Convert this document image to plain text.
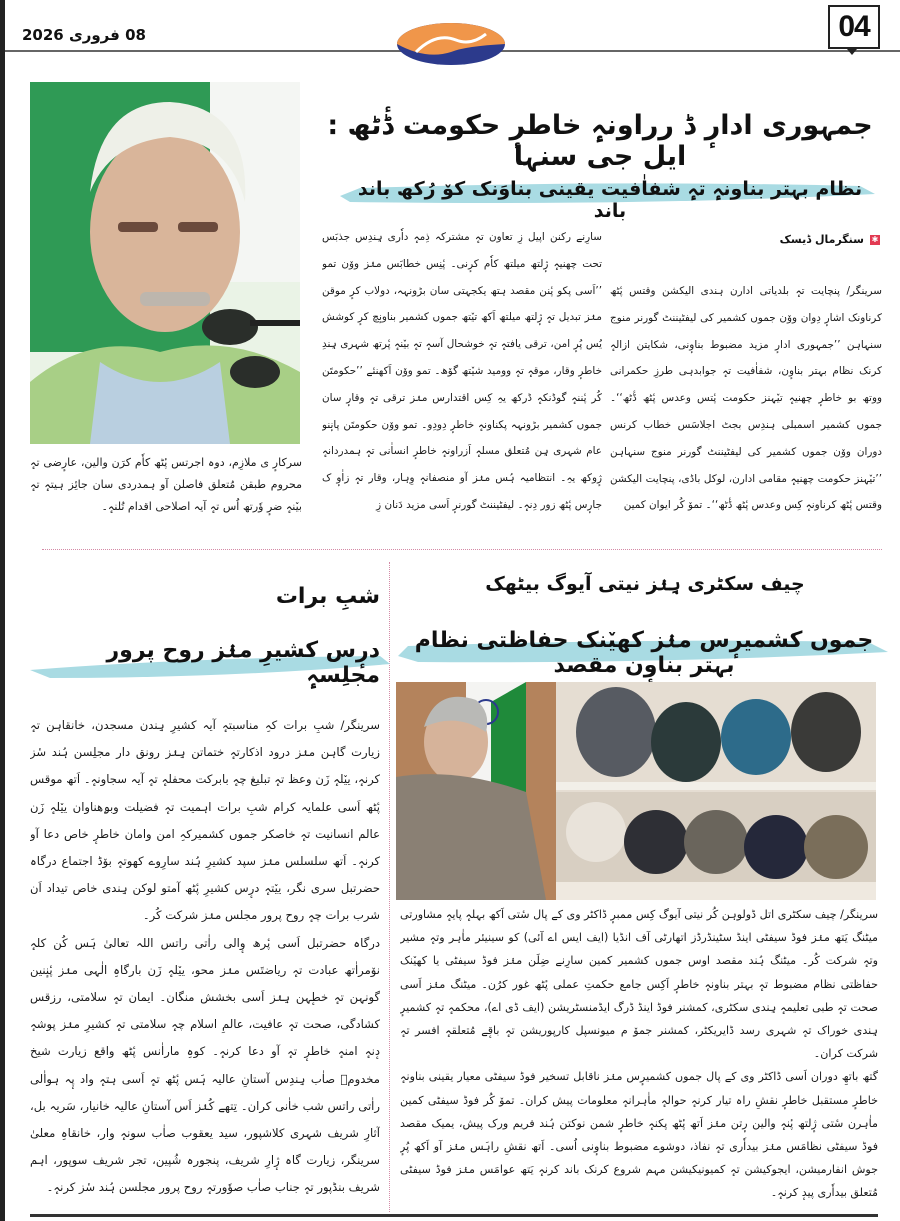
08 فروری 2026	04
سرکارٕ ی ملازِم، دوہ اجرتس پٔٹھ کاٗم کرَن والین، عارٕضی تہٕ محروم طبقن مُتعلق فاصلن آو ہمدردی سان جائِز ہیتہٕ تہٕ بیٚنہٕ ضرٕ وٗرتھ اُس تہٕ آیہ اصلاحی اقدام تُلنہٕ۔
جمہوری ادارٕ ڈ رراونہٕ خاطرٕ حکومت ڈٔٹھ : ایل جی سنہا
نظام بہتر بناونہٕ تہٕ شفاٰفیت یقینی بناوَنک کوٚ رُکھ باند باند
✱
سنگرمال ڈیسک
سرینگر/ پنچایت تہٕ بلدیاتی ادارن ہندی الیکشن وقتس پٔٹھ کرناونک اشارٕ دِوان ووٚن جموں کشمیر کی لیفٹیننٹ گورنر منوج سنہاہن ’’جمہوری ادارٕ مزید مضبوط بناوٕنی، شکایتن ازالہٕ کرنک نظام بہتر بناوٕن، شفاٰفیت تہٕ جوابدہی طرزِ حکمرانی ووتھ بو خاطرٕ چھنیہٕ تیٚہنز حکومت پٔتس وعدس پٔٹھ ڈٔٹھ‘‘۔ جموں کشمیر اسمبلی ہندِس بجٹ اجلاسَس خطاب کرنس دوران ووٚن جموں کشمیر کی لیفٹیننٹ گورنر منوج سنہاہن ’’تیٚہنز حکومت چھنیہٕ مقامی ادارن، لوکل باڈی، پنچایت الیکشن وقتس پٔٹھ کرناونہٕ کِس وعدس پٔٹھ ڈٔٹھ‘‘۔ تموٚ کُر ایوان کمین
سارِنے رکنن اپیل زِ تعاون تہٕ مشترکہ ذِمہٕ داٗری ہِندِس جذبَس تحت چھنیہٕ ژٕلتھ میلتھ کاٗم کرٕنی۔ پٔنِس خطابَس منٛز ووٚن تمو ’’اَسی پکو پٔنن مقصد ہتھ یکجہتی سان بڑونہہ، دولاب کرٕ موقن منٛز تبدیل تہٕ ژٕلتھ میلتھ اَکھ تیٚتھ جموں کشمیر بناونٕچ کرٕ کوشش یُس پُرٕ امن، ترقی یافتہٕ تہٕ خوشحال آسہٕ تہٕ بیٚنہٕ پٔرتھ شہری ہِندِ خاطرٕ وقار، موقہٕ تہٕ وومید شیٚتھ گوٚھ۔ تمو ووٚن اَکھنئے ’’حکومتَن کُر پٔننہٕ گوڈنکہٕ ڈرکھ یہِ کِس اقتدارس منٛز ترقی تہٕ وقارٕ سان جموں کشمیر بڑونہہ پکناونہٕ خاطرٕ دِودِو۔ تمو ووٚن حکومتَن پانٕنو عام شہری ہِن مُتعلق مسلہٕ اَزراونہٕ خاطرٕ انساٰنی تہٕ ہمدردانہٕ ژٕوکھ یہِ۔ انتظامیہ ہُس منٛز آو منصفانہٕ وِہار، وقار تہٕ زاٰوٕ ک جارٕس پٔٹھ زور دِنہٕ۔ لیفٹیننٹ گورنرٕ اَسی مزید دَنان زِ
چیف سکٹری ہِنٛز نیتی آیوگ بیٹھک
جموں کشمیرٕس منٛز کھیٚنک حفاظتی نظام بہتر بناوٕن مقصد
سرینگر/ چیف سکٹری اتل ڈولوہن کُر نیتی آیوگ کِس ممبرٕ ڈاکٹر وی کے پال سٔتی اَکھ بہلہٕ پایہٕ مشاورتی میٹنگ یَتھ منٛز فوڈ سیفٹی اینڈ سٹینڈرڈز اتھارٹی آف انڈیا (ایف ایس اے آئی) کو سینیئر ماٰہر وتہٕ مشیر وتہٕ شرکت کُر۔ میٹنگ ہُند مقصد اوس جموں کشمیر کمین سارِنے ضِلَن منٛز فوڈ سیفٹی یا کھیٚنک حفاظتی نظام مضبوط تہٕ بہتر بناونہٕ خاطرٕ اَکِس جامع حکمتِ عملی پٔٹھ غور کرُن۔ میٹنگ منٛز اَسی صحت تہٕ طبی تعلیمہٕ ہِندی سکٹری، کمشنر فوڈ اینڈ ڈرگ ایڈمنسٹریشن (ایف ڈی اے)، محکمہٕ تہٕ کشمیرٕ ہِندی خوراک تہٕ شہری رسد ڈایریکٹر، کمشنر جموٚ م میونسپل کارپوریشن تہٕ باقٕے مُتعلقہٕ افسر تہٕ شرکت کران۔
گتھ باتھِ دوران اَسی ڈاکٹر وی کے پال جموں کشمیرٕس منٛز ناقابل تسخیر فوڈ سیفٹی معیار یقینی بناونہٕ خاطرٕ مستقبل خاطرٕ نقشِ راہ تیار کرنہٕ حوالہٕ ماٰہرانہٕ معلومات پیش کران۔ تموٚ کُر فوڈ سیفٹی کمین ماٰہرن سٔتی ژٕلتھ پٔنہٕ والین رٕتن منٛز اَتھ پٔٹھ پکنہٕ خاطرٕ شمن نوکتن ہُند فریم ورک پیش، یمیک مقصد فوڈ سیفٹی نظامَس منٛز بیداٗری تہٕ نفاذ، دوشوے مضبوط بناوٕنی اُسی۔ اَتھ نقشِ راہَس منٛز آو اَکھ پُرٕ جوش انفارمیشن، ایجوکیشن تہٕ کمیونیکیشن مہم شروع کرنک باند کرنہٕ یَتھ عوامَس منٛز فوڈ سیفٹی مُتعلق بیداٗری پیدٕ کرنہٕ۔
شبِ برات
درٕس کشیرِ منٛز روح پرور مجلِسہٕ
سرینگر/ شبِ برات کہِ مناسبتہٕ آیہ کشیرِ ہِندن مسجدن، خانقاہن تہٕ زیارت گاہن منٛز درود اذکارتہٕ ختماتن ہِنٛز رونق دار مجلِسن ہُند سٔز کرنہٕ، ییٚلہٕ زَن وعظ تہٕ تبلیغ چہٕ بابرکت محفلہٕ تہٕ آیہ سجاونہٕ۔ اَتھ موقس پٔٹھ اَسی علمایہ کرام شبِ برات اہمیت تہٕ فضیلت وبۄھناوان ییٚلہٕ زَن عالم انسانیت تہٕ خاصکر جموں کشمیرکہِ امن وامان خاطرٕ خاص دعا آو کرنہٕ۔ اَتھ سلسلس منٛز سپد کشیرِ ہُند سارِوے کھوتہٕ بوٚڈ اجتماع درگاہ حضرتبل سری نگر، ییٚتہٕ درٕس کشیرِ پٔٹھ آمتو لوکن ہِندی خاص تیداد اَن شرب برات چہٕ روح پرور مجلس منٛز شرکت کُر۔
درگاہ حضرتبل اَسی پٔرھ وٕالی راٰتی راتس اللہ تعالیٰ ہَس کُن کلہٕ نوٚمراٰتھ عبادت تہٕ ریاضتَس منٛز محو، ییٚلہٕ زَن بارگاہِ الٰہی منٛز پٔنٕنین گونہن تہٕ خطٕہن ہِنٛز اَسی بخشش منگان۔ ایمان تہٕ سلامتی، رزقس کشادگی، صحت تہٕ عافیت، عالمِ اسلام چہٕ سلامتی تہٕ کشیرِ منٛز پوشہٕ دٕنہٕ امنہٕ خاطرٕ تہٕ آو دعا کرنہٕ۔ کوہِ ماراٰنس پٔٹھ واقع زیارت شیخ مخدومؒ صاٰب ہِندِس آستانِ عالیہ ہَس پٔٹھ تہٕ اَسی ہتہٕ واد پٕہ ہواٰلی راٰتی راتس شب خاٰنی کران۔ تِتھے کُنٛز اَس آستانِ عالیہ خانیار، سَریہ بل، آثارِ شریف شہری کلاشپور، سید یعقوب صاٰب سونہٕ وار، خانقاہِ معلیٰ سرینگر، زیارت گاہ ژٕارِ شریف، پنجورہ شُپین، تجر شریف سوپور، اہم شریف بنڈپور تہٕ جناب صاٰب صوٗورتہٕ روح پرور مجلسن ہُند سٔز کرنہٕ۔
